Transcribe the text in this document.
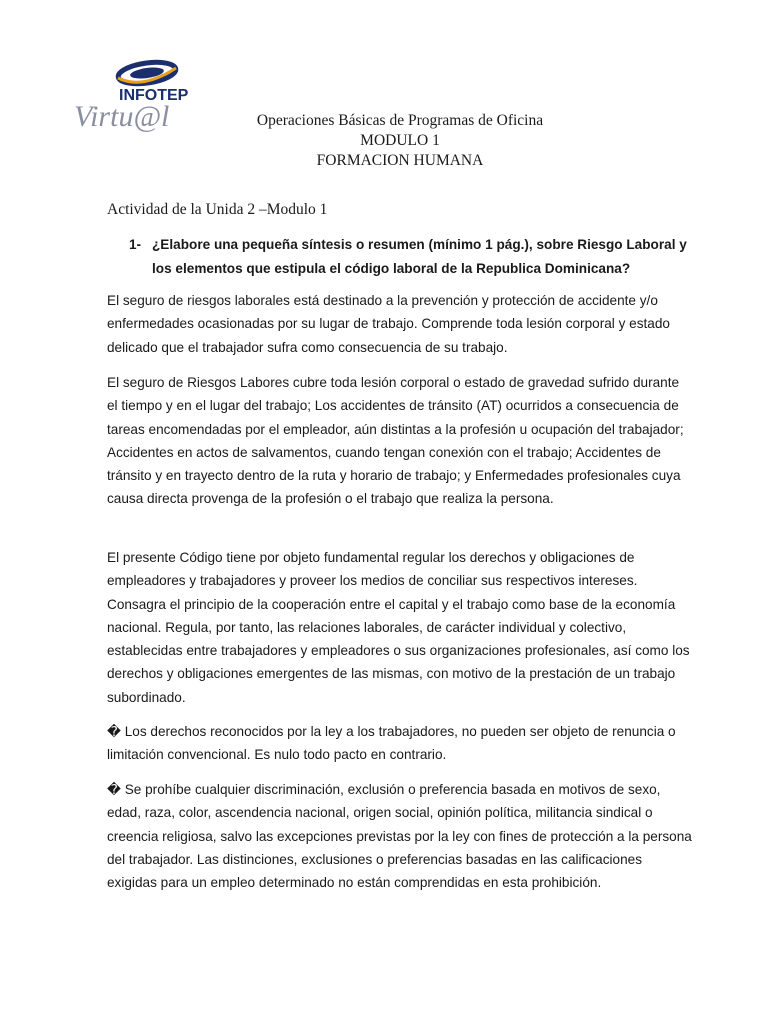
INFOTEP
Virtu@l	Operaciones Básicas de Programas de Oficina
MODULO 1
FORMACION HUMANA
Actividad de la Unida 2 –Modulo 1
1- ¿Elabore una pequeña síntesis o resumen (mínimo 1 pág.), sobre Riesgo Laboral y los elementos que estipula el código laboral de la Republica Dominicana?

El seguro de riesgos laborales está destinado a la prevención y protección de accidente y/o enfermedades ocasionadas por su lugar de trabajo. Comprende toda lesión corporal y estado delicado que el trabajador sufra como consecuencia de su trabajo.

El seguro de Riesgos Labores cubre toda lesión corporal o estado de gravedad sufrido durante el tiempo y en el lugar del trabajo; Los accidentes de tránsito (AT) ocurridos a consecuencia de tareas encomendadas por el empleador, aún distintas a la profesión u ocupación del trabajador; Accidentes en actos de salvamentos, cuando tengan conexión con el trabajo; Accidentes de tránsito y en trayecto dentro de la ruta y horario de trabajo; y Enfermedades profesionales cuya causa directa provenga de la profesión o el trabajo que realiza la persona.

El presente Código tiene por objeto fundamental regular los derechos y obligaciones de empleadores y trabajadores y proveer los medios de conciliar sus respectivos intereses. Consagra el principio de la cooperación entre el capital y el trabajo como base de la economía nacional. Regula, por tanto, las relaciones laborales, de carácter individual y colectivo, establecidas entre trabajadores y empleadores o sus organizaciones profesionales, así como los derechos y obligaciones emergentes de las mismas, con motivo de la prestación de un trabajo subordinado.

� Los derechos reconocidos por la ley a los trabajadores, no pueden ser objeto de renuncia o limitación convencional. Es nulo todo pacto en contrario.

� Se prohíbe cualquier discriminación, exclusión o preferencia basada en motivos de sexo, edad, raza, color, ascendencia nacional, origen social, opinión política, militancia sindical o creencia religiosa, salvo las excepciones previstas por la ley con fines de protección a la persona del trabajador. Las distinciones, exclusiones o preferencias basadas en las calificaciones exigidas para un empleo determinado no están comprendidas en esta prohibición.
